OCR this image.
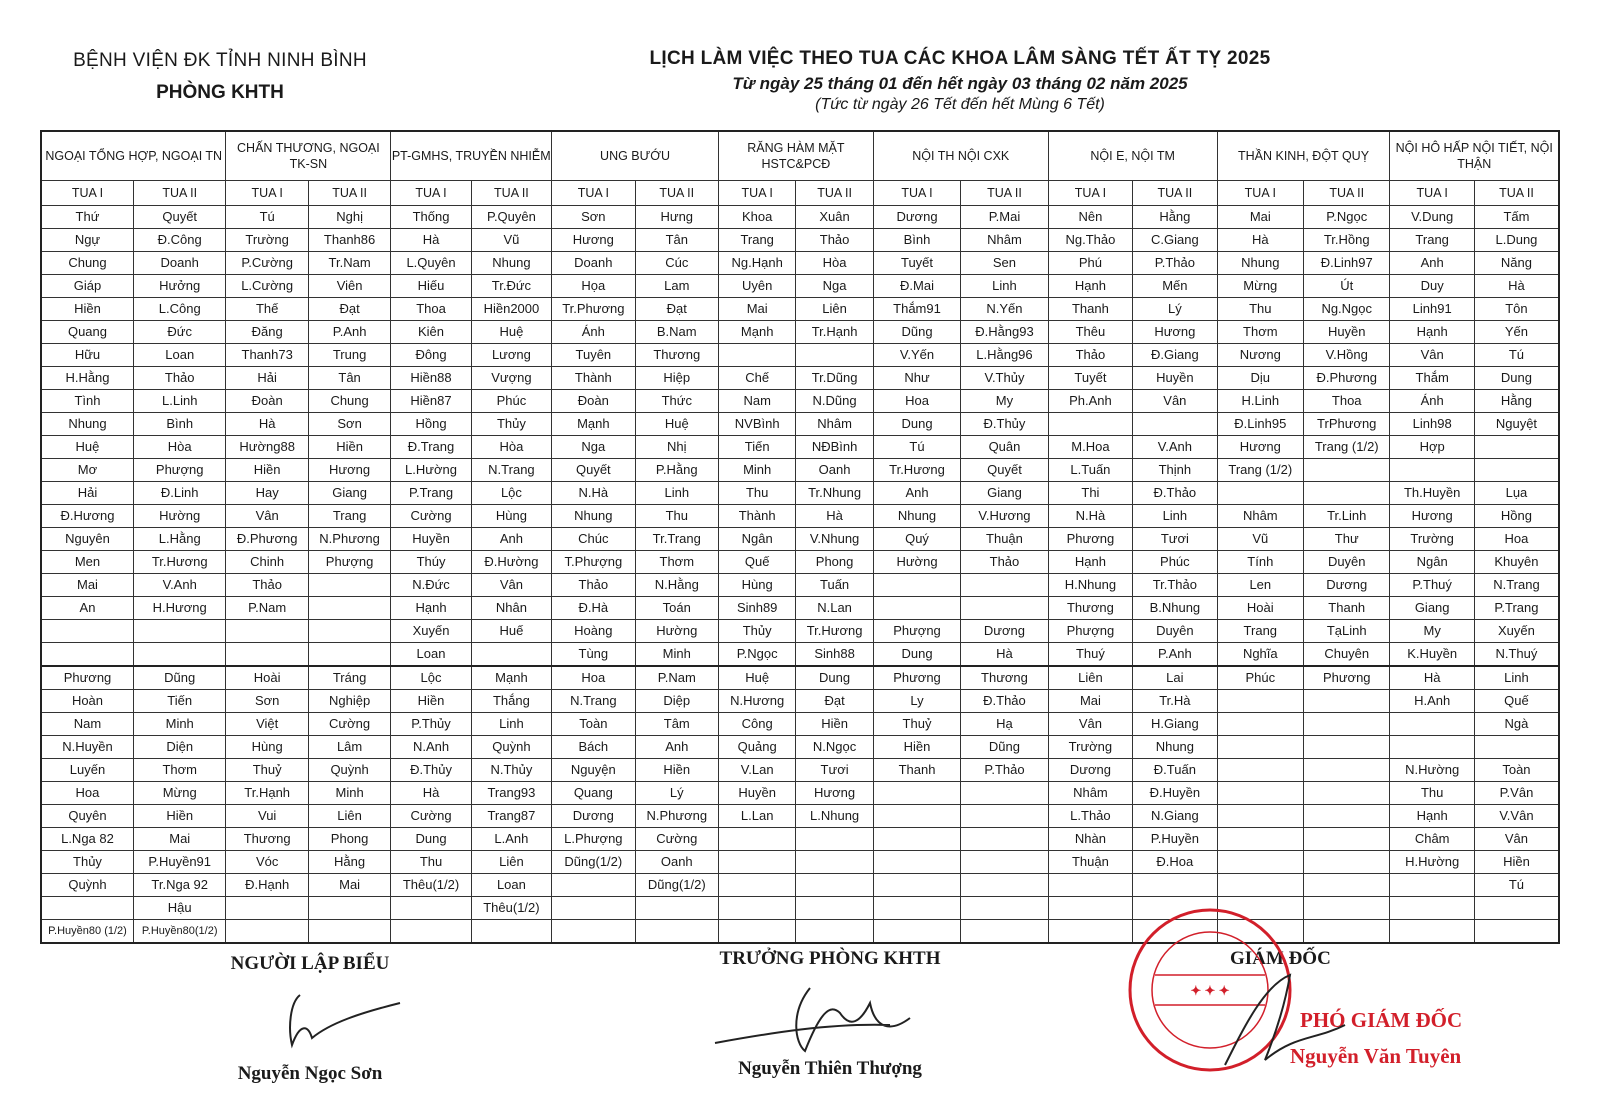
BỆNH VIỆN ĐK TỈNH NINH BÌNH
PHÒNG KHTH
LỊCH LÀM VIỆC THEO TUA CÁC KHOA LÂM SÀNG TẾT ẤT TỴ 2025
Từ ngày 25 tháng 01 đến hết ngày 03 tháng 02 năm 2025
(Tức từ ngày 26 Tết đến hết Mùng 6 Tết)
NGOẠI TỔNG HỢP, NGOẠI TN		CHẤN THƯƠNG, NGOẠI TK-SN		PT-GMHS, TRUYỀN NHIỄM		UNG BƯỚU		RĂNG HÀM MẶT HSTC&PCĐ		NỘI TH NỘI CXK		NỘI E, NỘI TM		THẦN KINH, ĐỘT QUỴ		NỘI HÔ HẤP NỘI TIẾT, NỘI THẬN	
TUA I	TUA II	TUA I	TUA II	TUA I	TUA II	TUA I	TUA II	TUA I	TUA II	TUA I	TUA II	TUA I	TUA II	TUA I	TUA II	TUA I	TUA II
Thứ	Quyết	Tú	Nghị	Thống	P.Quyên	Sơn	Hưng	Khoa	Xuân	Dương	P.Mai	Nên	Hằng	Mai	P.Ngọc	V.Dung	Tấm
Ngự	Đ.Công	Trường	Thanh86	Hà	Vũ	Hương	Tân	Trang	Thảo	Bình	Nhâm	Ng.Thảo	C.Giang	Hà	Tr.Hồng	Trang	L.Dung
Chung	Doanh	P.Cường	Tr.Nam	L.Quyên	Nhung	Doanh	Cúc	Ng.Hạnh	Hòa	Tuyết	Sen	Phú	P.Thảo	Nhung	Đ.Linh97	Anh	Năng
Giáp	Hưởng	L.Cường	Viên	Hiếu	Tr.Đức	Họa	Lam	Uyên	Nga	Đ.Mai	Linh	Hạnh	Mến	Mừng	Út	Duy	Hà
Hiền	L.Công	Thế	Đạt	Thoa	Hiền2000	Tr.Phương	Đạt	Mai	Liên	Thắm91	N.Yến	Thanh	Lý	Thu	Ng.Ngọc	Linh91	Tôn
Quang	Đức	Đăng	P.Anh	Kiên	Huệ	Ánh	B.Nam	Mạnh	Tr.Hạnh	Dũng	Đ.Hằng93	Thêu	Hương	Thơm	Huyền	Hạnh	Yến
Hữu	Loan	Thanh73	Trung	Đông	Lương	Tuyên	Thương			V.Yến	L.Hằng96	Thảo	Đ.Giang	Nương	V.Hồng	Vân	Tú
H.Hằng	Thảo	Hải	Tân	Hiền88	Vượng	Thành	Hiệp	Chế	Tr.Dũng	Như	V.Thủy	Tuyết	Huyền	Dịu	Đ.Phương	Thắm	Dung
Tình	L.Linh	Đoàn	Chung	Hiền87	Phúc	Đoàn	Thức	Nam	N.Dũng	Hoa	My	Ph.Anh	Vân	H.Linh	Thoa	Ánh	Hằng
Nhung	Bình	Hà	Sơn	Hồng	Thủy	Mạnh	Huệ	NVBình	Nhâm	Dung	Đ.Thủy			Đ.Linh95	TrPhương	Linh98	Nguyệt
Huệ	Hòa	Hường88	Hiền	Đ.Trang	Hòa	Nga	Nhị	Tiến	NĐBình	Tú	Quân	M.Hoa	V.Anh	Hương	Trang (1/2)	Hợp	
Mơ	Phượng	Hiền	Hương	L.Hường	N.Trang	Quyết	P.Hằng	Minh	Oanh	Tr.Hương	Quyết	L.Tuấn	Thịnh	Trang (1/2)			
Hải	Đ.Linh	Hay	Giang	P.Trang	Lộc	N.Hà	Linh	Thu	Tr.Nhung	Anh	Giang	Thi	Đ.Thảo			Th.Huyền	Lụa
Đ.Hương	Hường	Vân	Trang	Cường	Hùng	Nhung	Thu	Thành	Hà	Nhung	V.Hương	N.Hà	Linh	Nhâm	Tr.Linh	Hương	Hồng
Nguyên	L.Hằng	Đ.Phương	N.Phương	Huyền	Anh	Chúc	Tr.Trang	Ngân	V.Nhung	Quý	Thuận	Phương	Tươi	Vũ	Thư	Trường	Hoa
Men	Tr.Hương	Chinh	Phượng	Thúy	Đ.Hường	T.Phượng	Thơm	Quế	Phong	Hường	Thảo	Hạnh	Phúc	Tính	Duyên	Ngân	Khuyên
Mai	V.Anh	Thảo		N.Đức	Vân	Thảo	N.Hằng	Hùng	Tuấn			H.Nhung	Tr.Thảo	Len	Dương	P.Thuý	N.Trang
An	H.Hương	P.Nam		Hạnh	Nhân	Đ.Hà	Toán	Sinh89	N.Lan			Thương	B.Nhung	Hoài	Thanh	Giang	P.Trang
				Xuyến	Huế	Hoàng	Hường	Thủy	Tr.Hương	Phượng	Dương	Phượng	Duyên	Trang	TạLinh	My	Xuyến
				Loan		Tùng	Minh	P.Ngọc	Sinh88	Dung	Hà	Thuý	P.Anh	Nghĩa	Chuyên	K.Huyền	N.Thuý
Phương	Dũng	Hoài	Tráng	Lộc	Mạnh	Hoa	P.Nam	Huệ	Dung	Phương	Thương	Liên	Lai	Phúc	Phương	Hà	Linh
Hoàn	Tiến	Sơn	Nghiệp	Hiền	Thắng	N.Trang	Diệp	N.Hương	Đạt	Ly	Đ.Thảo	Mai	Tr.Hà			H.Anh	Quế
Nam	Minh	Việt	Cường	P.Thủy	Linh	Toàn	Tâm	Công	Hiền	Thuỷ	Hạ	Vân	H.Giang				Ngà
N.Huyền	Diện	Hùng	Lâm	N.Anh	Quỳnh	Bách	Anh	Quảng	N.Ngọc	Hiền	Dũng	Trường	Nhung				
Luyến	Thơm	Thuỷ	Quỳnh	Đ.Thủy	N.Thủy	Nguyện	Hiền	V.Lan	Tươi	Thanh	P.Thảo	Dương	Đ.Tuấn			N.Hường	Toàn
Hoa	Mừng	Tr.Hạnh	Minh	Hà	Trang93	Quang	Lý	Huyền	Hương			Nhâm	Đ.Huyền			Thu	P.Vân
Quyên	Hiền	Vui	Liên	Cường	Trang87	Dương	N.Phương	L.Lan	L.Nhung			L.Thảo	N.Giang			Hạnh	V.Vân
L.Nga 82	Mai	Thương	Phong	Dung	L.Anh	L.Phượng	Cường					Nhàn	P.Huyền			Châm	Vân
Thủy	P.Huyền91	Vóc	Hằng	Thu	Liên	Dũng(1/2)	Oanh					Thuận	Đ.Hoa			H.Hường	Hiền
Quỳnh	Tr.Nga 92	Đ.Hạnh	Mai	Thêu(1/2)	Loan		Dũng(1/2)										Tú
	Hậu				Thêu(1/2)												
P.Huyền80 (1/2)	P.Huyền80(1/2)																
NGƯỜI LẬP BIỂU
Nguyễn Ngọc Sơn
TRƯỞNG PHÒNG KHTH
Nguyễn Thiên Thượng
GIÁM ĐỐC
PHÓ GIÁM ĐỐC
Nguyễn Văn Tuyên
✦ ✦ ✦
